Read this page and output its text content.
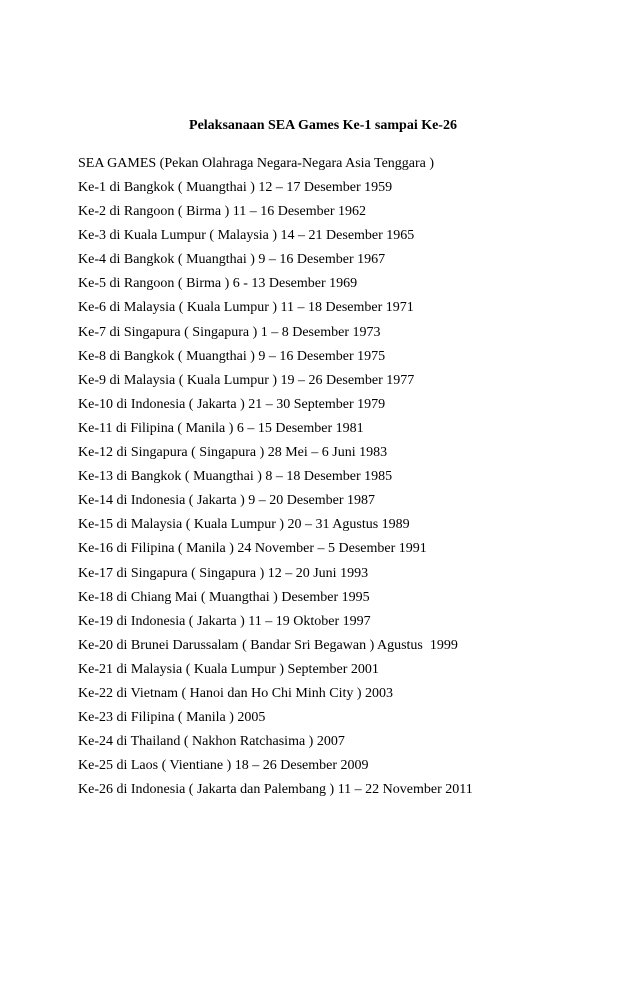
Pelaksanaan SEA Games Ke-1 sampai Ke-26

SEA GAMES (Pekan Olahraga Negara-Negara Asia Tenggara )

Ke-1 di Bangkok ( Muangthai ) 12 – 17 Desember 1959
Ke-2 di Rangoon ( Birma ) 11 – 16 Desember 1962
Ke-3 di Kuala Lumpur ( Malaysia ) 14 – 21 Desember 1965
Ke-4 di Bangkok ( Muangthai ) 9 – 16 Desember 1967
Ke-5 di Rangoon ( Birma ) 6 - 13 Desember 1969
Ke-6 di Malaysia ( Kuala Lumpur ) 11 – 18 Desember 1971
Ke-7 di Singapura ( Singapura ) 1 – 8 Desember 1973
Ke-8 di Bangkok ( Muangthai ) 9 – 16 Desember 1975
Ke-9 di Malaysia ( Kuala Lumpur ) 19 – 26 Desember 1977
Ke-10 di Indonesia ( Jakarta ) 21 – 30 September 1979
Ke-11 di Filipina ( Manila ) 6 – 15 Desember 1981
Ke-12 di Singapura ( Singapura ) 28 Mei – 6 Juni 1983
Ke-13 di Bangkok ( Muangthai ) 8 – 18 Desember 1985
Ke-14 di Indonesia ( Jakarta ) 9 – 20 Desember 1987
Ke-15 di Malaysia ( Kuala Lumpur ) 20 – 31 Agustus 1989
Ke-16 di Filipina ( Manila ) 24 November – 5 Desember 1991
Ke-17 di Singapura ( Singapura ) 12 – 20 Juni 1993
Ke-18 di Chiang Mai ( Muangthai ) Desember 1995
Ke-19 di Indonesia ( Jakarta ) 11 – 19 Oktober 1997
Ke-20 di Brunei Darussalam ( Bandar Sri Begawan ) Agustus  1999
Ke-21 di Malaysia ( Kuala Lumpur ) September 2001
Ke-22 di Vietnam ( Hanoi dan Ho Chi Minh City ) 2003
Ke-23 di Filipina ( Manila ) 2005
Ke-24 di Thailand ( Nakhon Ratchasima ) 2007
Ke-25 di Laos ( Vientiane ) 18 – 26 Desember 2009
Ke-26 di Indonesia ( Jakarta dan Palembang ) 11 – 22 November 2011
